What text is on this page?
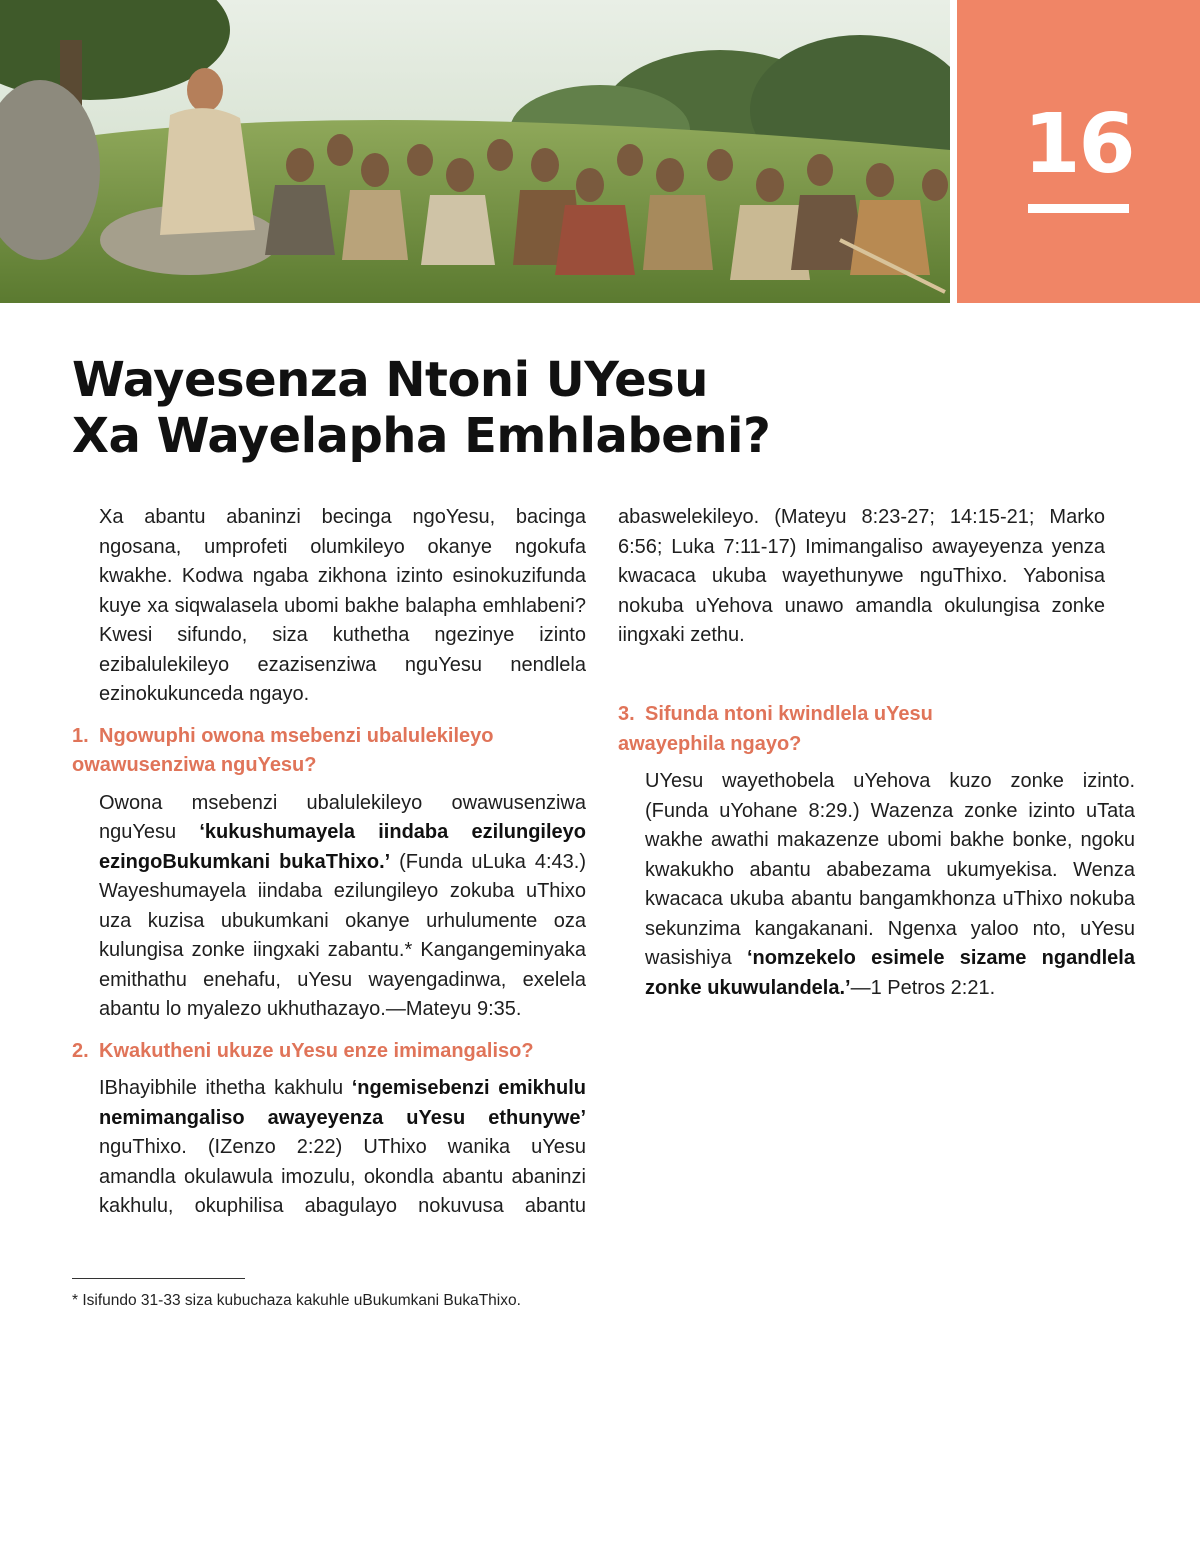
16
Wayesenza Ntoni UYesu
Xa Wayelapha Emhlabeni?

Xa abantu abaninzi becinga ngoYesu, bacinga ngosana, umprofeti olumkileyo okanye ngokufa kwakhe. Kodwa ngaba zikhona izinto esinokuzifunda kuye xa siqwalasela ubomi bakhe balapha emhlabeni? Kwesi sifundo, siza kuthetha ngezinye izinto ezibalulekileyo ezazisenziwa nguYesu nendlela ezinokukunceda ngayo.

1. Ngowuphi owona msebenzi ubalulekileyo
owawusenziwa nguYesu?

Owona msebenzi ubalulekileyo owawusenziwa nguYesu ‘kukushumayela iindaba ezilungileyo ezingoBukumkani bukaThixo.’ (Funda uLuka 4:43.) Wayeshumayela iindaba ezilungileyo zokuba uThixo uza kuzisa ubukumkani okanye urhulumente oza kulungisa zonke iingxaki zabantu.* Kangangeminyaka emithathu enehafu, uYesu wayengadinwa, exelela abantu lo myalezo ukhuthazayo.—Mateyu 9:35.

2. Kwakutheni ukuze uYesu enze imimangaliso?

IBhayibhile ithetha kakhulu ‘ngemisebenzi emikhulu nemimangaliso awayeyenza uYesu ethunywe’ nguThixo. (IZenzo 2:22) UThixo wanika uYesu amandla okulawula imozulu, okondla abantu abaninzi kakhulu, okuphilisa abagulayo nokuvusa abantu

* Isifundo 31-33 siza kubuchaza kakuhle uBukumkani BukaThixo.

abaswelekileyo. (Mateyu 8:23-27; 14:15-21; Marko 6:56; Luka 7:11-17) Imimangaliso awayeyenza yenza kwacaca ukuba wayethunywe nguThixo. Yabonisa nokuba uYehova unawo amandla okulungisa zonke iingxaki zethu.

3. Sifunda ntoni kwindlela uYesu
awayephila ngayo?

UYesu wayethobela uYehova kuzo zonke izinto. (Funda uYohane 8:29.) Wazenza zonke izinto uTata wakhe awathi makazenze ubomi bakhe bonke, ngoku kwakukho abantu ababezama ukumyekisa. Wenza kwacaca ukuba abantu bangamkhonza uThixo nokuba sekunzima kangakanani. Ngenxa yaloo nto, uYesu wasishiya ‘nomzekelo esimele sizame ngandlela zonke ukuwulandela.’—1 Petros 2:21.
